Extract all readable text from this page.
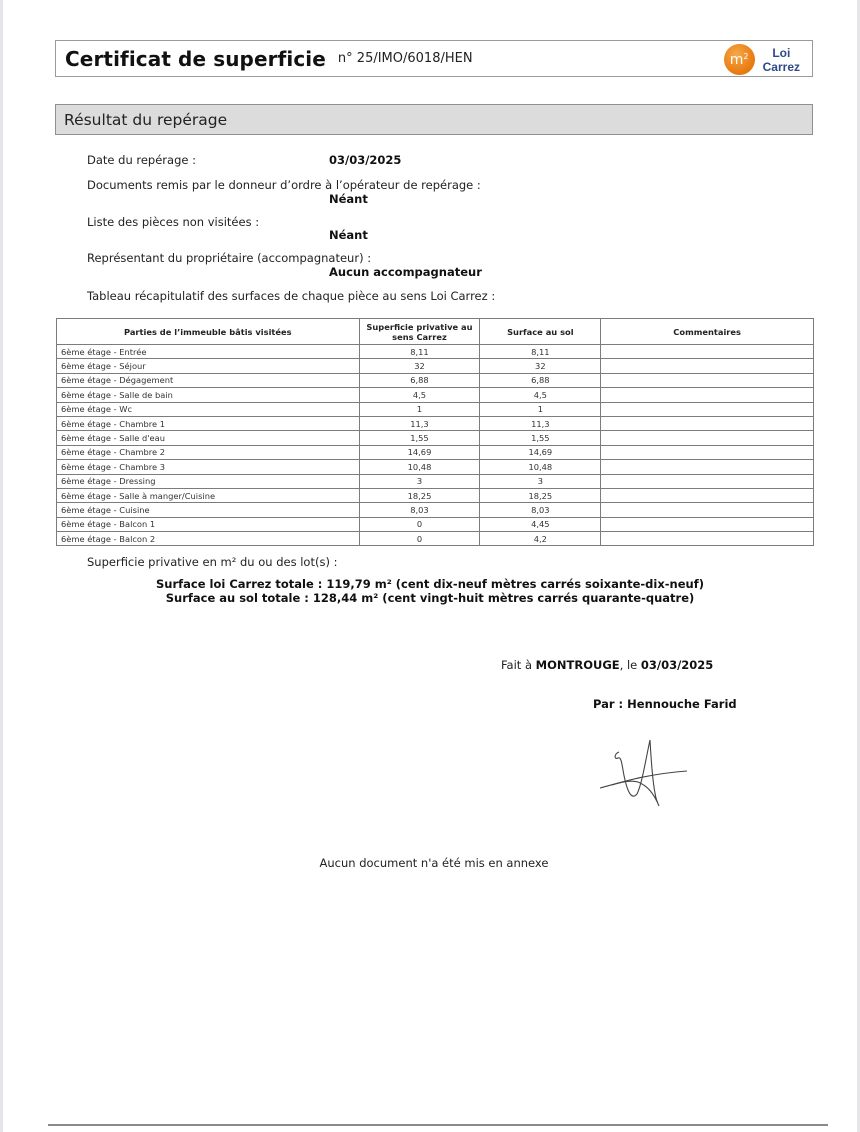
Certificat de superficie n° 25/IMO/6018/HEN	$m^2$	Loi
Carrez
Résultat du repérage
Date du repérage :	03/03/2025
Documents remis par le donneur d’ordre à l’opérateur de repérage :
Néant
Liste des pièces non visitées :
Néant
Représentant du propriétaire (accompagnateur) :
Aucun accompagnateur
Tableau récapitulatif des surfaces de chaque pièce au sens Loi Carrez :
Parties de l’immeuble bâtis visitées	Superficie privative au sens Carrez	Surface au sol	Commentaires
6ème étage - Entrée	8,11	8,11	
6ème étage - Séjour	32	32	
6ème étage - Dégagement	6,88	6,88	
6ème étage - Salle de bain	4,5	4,5	
6ème étage - Wc	1	1	
6ème étage - Chambre 1	11,3	11,3	
6ème étage - Salle d'eau	1,55	1,55	
6ème étage - Chambre 2	14,69	14,69	
6ème étage - Chambre 3	10,48	10,48	
6ème étage - Dressing	3	3	
6ème étage - Salle à manger/Cuisine	18,25	18,25	
6ème étage - Cuisine	8,03	8,03	
6ème étage - Balcon 1	0	4,45	
6ème étage - Balcon 2	0	4,2	
Superficie privative en m² du ou des lot(s) :
Surface loi Carrez totale : 119,79 m² (cent dix-neuf mètres carrés soixante-dix-neuf)
Surface au sol totale : 128,44 m² (cent vingt-huit mètres carrés quarante-quatre)
Fait à MONTROUGE, le 03/03/2025
Par : Hennouche Farid
Aucun document n'a été mis en annexe
